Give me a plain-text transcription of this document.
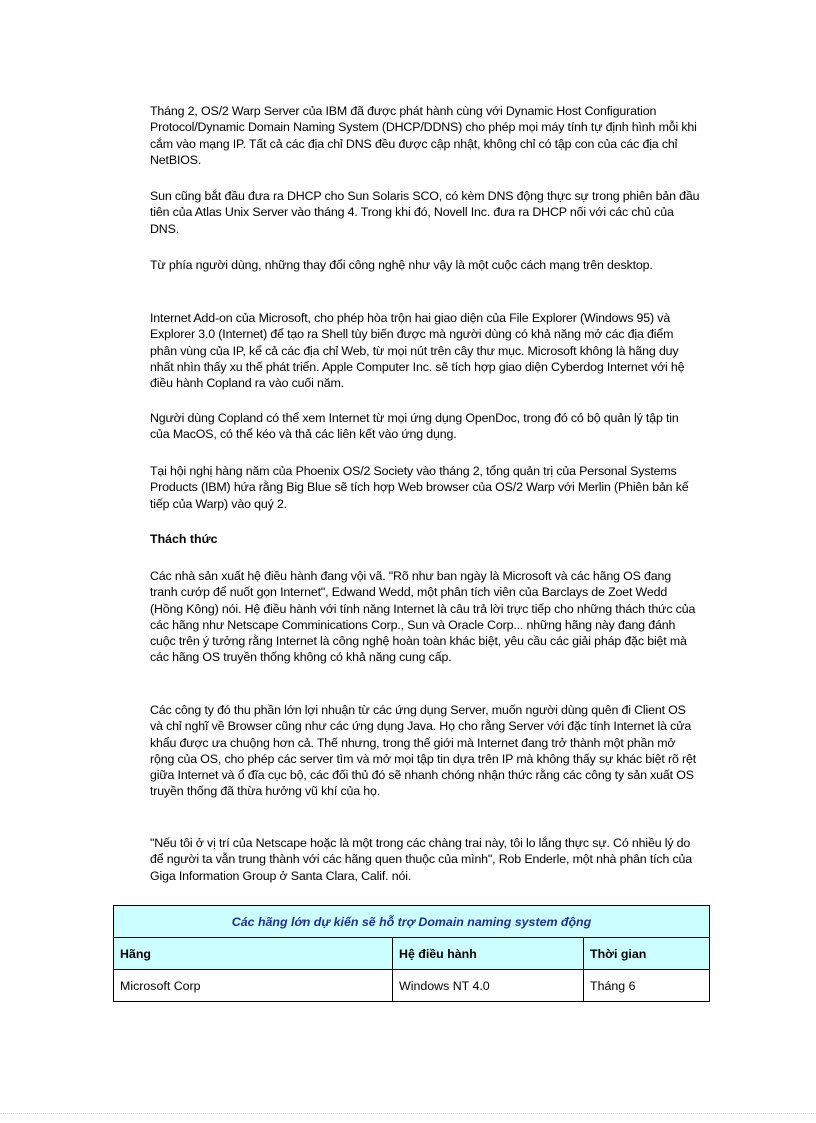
Tháng 2, OS/2 Warp Server của IBM đã được phát hành cùng với Dynamic Host Configuration Protocol/Dynamic Domain Naming System (DHCP/DDNS) cho phép mọi máy tính tự định hình mỗi khi cắm vào mạng IP. Tất cả các địa chỉ DNS đều được cập nhật, không chỉ có tập con của các địa chỉ NetBIOS.

Sun cũng bắt đầu đưa ra DHCP cho Sun Solaris SCO, có kèm DNS động thực sự trong phiên bản đầu tiên của Atlas Unix Server vào tháng 4. Trong khi đó, Novell Inc. đưa ra DHCP nối với các chủ của DNS.

Từ phía người dùng, những thay đổi công nghệ như vậy là một cuộc cách mạng trên desktop.

Internet Add-on của Microsoft, cho phép hòa trộn hai giao diện của File Explorer (Windows 95) và Explorer 3.0 (Internet) để tạo ra Shell tùy biến được mà người dùng có khả năng mở các địa điểm phân vùng của IP, kể cả các địa chỉ Web, từ mọi nút trên cây thư mục. Microsoft không là hãng duy nhất nhìn thấy xu thế phát triển. Apple Computer Inc. sẽ tích hợp giao diện Cyberdog Internet với hệ điều hành Copland ra vào cuối năm.

Người dùng Copland có thể xem Internet từ mọi ứng dụng OpenDoc, trong đó có bộ quản lý tập tin của MacOS, có thể kéo và thả các liên kết vào ứng dụng.

Tại hội nghị hàng năm của Phoenix OS/2 Society vào tháng 2, tổng quản trị của Personal Systems Products (IBM) hứa rằng Big Blue sẽ tích hợp Web browser của OS/2 Warp với Merlin (Phiên bản kế tiếp của Warp) vào quý 2.

Thách thức

Các nhà sản xuất hệ điều hành đang vội vã. "Rõ như ban ngày là Microsoft và các hãng OS đang tranh cướp để nuốt gọn Internet", Edwand Wedd, một phân tích viên của Barclays de Zoet Wedd (Hồng Kông) nói. Hệ điều hành với tính năng Internet là câu trả lời trực tiếp cho những thách thức của các hãng như Netscape Comminications Corp., Sun và Oracle Corp... những hãng này đang đánh cuộc trên ý tưởng rằng Internet là công nghệ hoàn toàn khác biệt, yêu cầu các giải pháp đặc biệt mà các hãng OS truyền thống không có khả năng cung cấp.

Các công ty đó thu phần lớn lợi nhuận từ các ứng dụng Server, muốn người dùng quên đi Client OS và chỉ nghĩ về Browser cũng như các ứng dụng Java. Họ cho rằng Server với đặc tính Internet là cửa khẩu được ưa chuộng hơn cả. Thế nhưng, trong thế giới mà Internet đang trở thành một phần mở rộng của OS, cho phép các server tìm và mở mọi tập tin dựa trên IP mà không thấy sự khác biệt rõ rệt giữa Internet và ổ đĩa cục bộ, các đối thủ đó sẽ nhanh chóng nhận thức rằng các công ty sản xuất OS truyền thống đã thừa hưởng vũ khí của họ.

"Nếu tôi ở vị trí của Netscape hoặc là một trong các chàng trai này, tôi lo lắng thực sự. Có nhiều lý do để người ta vẫn trung thành với các hãng quen thuộc của mình", Rob Enderle, một nhà phân tích của Giga Information Group ở Santa Clara, Calif. nói.

Các hãng lớn dự kiến sẽ hỗ trợ Domain naming system động		
Hãng	Hệ điều hành	Thời gian
Microsoft Corp	Windows NT 4.0	Tháng 6
